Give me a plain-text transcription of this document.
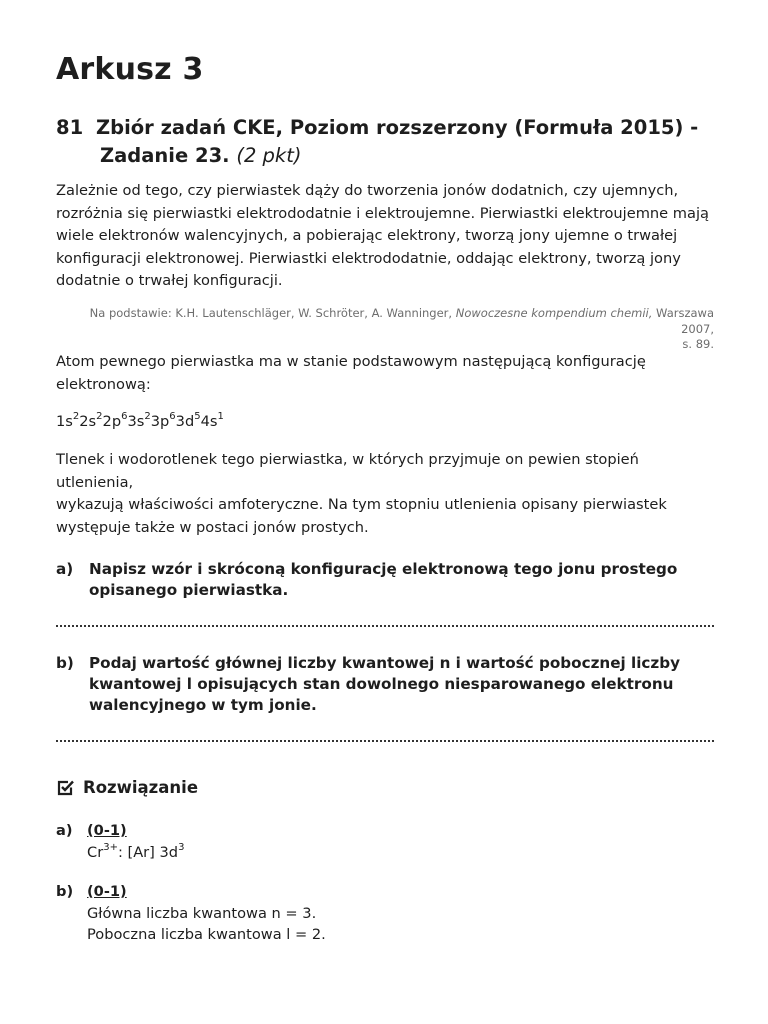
Arkusz 3
81 Zbiór zadań CKE, Poziom rozszerzony (Formuła 2015) -
Zadanie 23. (2 pkt)
Zależnie od tego, czy pierwiastek dąży do tworzenia jonów dodatnich, czy ujemnych,
rozróżnia się pierwiastki elektrododatnie i elektroujemne. Pierwiastki elektroujemne mają
wiele elektronów walencyjnych, a pobierając elektrony, tworzą jony ujemne o trwałej
konfiguracji elektronowej. Pierwiastki elektrododatnie, oddając elektrony, tworzą jony
dodatnie o trwałej konfiguracji.
Na podstawie: K.H. Lautenschläger, W. Schröter, A. Wanninger, Nowoczesne kompendium chemii, Warszawa 2007,
s. 89.
Atom pewnego pierwiastka ma w stanie podstawowym następującą konfigurację
elektronową:
$1s^22s^22p^63s^23p^63d^54s^1$
Tlenek i wodorotlenek tego pierwiastka, w których przyjmuje on pewien stopień utlenienia,
wykazują właściwości amfoteryczne. Na tym stopniu utlenienia opisany pierwiastek
występuje także w postaci jonów prostych.
a)	Napisz wzór i skróconą konfigurację elektronową tego jonu prostego
opisanego pierwiastka.
b) Podaj wartość głównej liczby kwantowej n i wartość pobocznej liczby
kwantowej l opisujących stan dowolnego niesparowanego elektronu
walencyjnego w tym jonie.
Rozwiązanie
a) (0-1)
$Cr^{3+}$: [Ar] $3d^3$
b) (0-1)
Główna liczba kwantowa n = 3.
Poboczna liczba kwantowa l = 2.
